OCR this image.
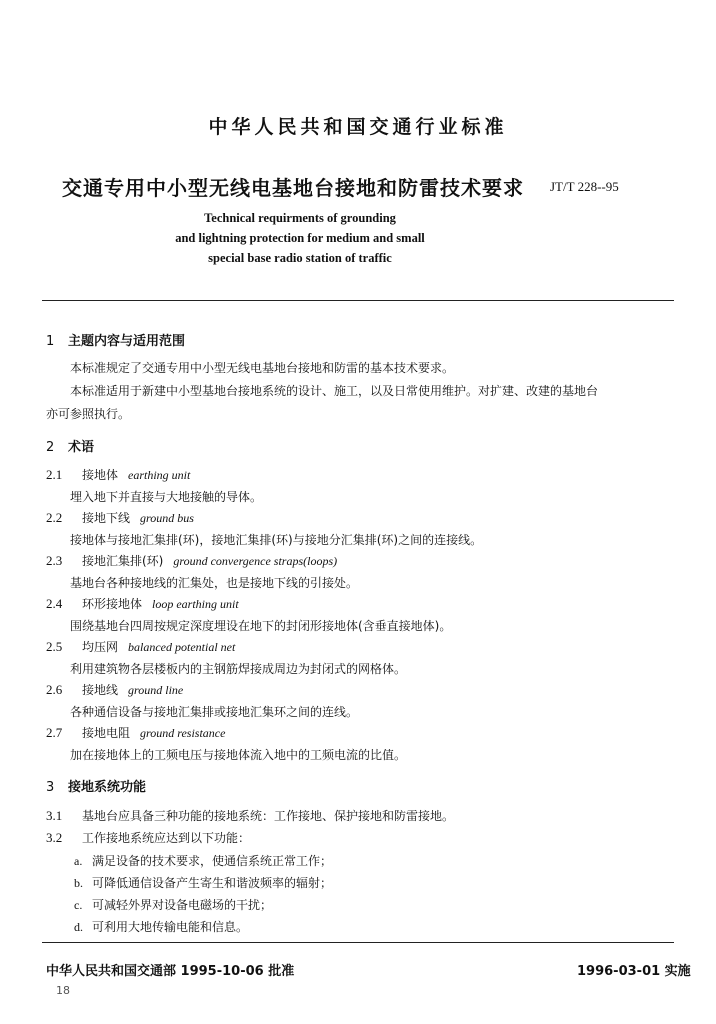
中华人民共和国交通行业标准
交通专用中小型无线电基地台接地和防雷技术要求 JT/T 228--95
Technical requirments of grounding
and lightning protection for medium and small
special base radio station of traffic
1 主题内容与适用范围
本标准规定了交通专用中小型无线电基地台接地和防雷的基本技术要求。
本标准适用于新建中小型基地台接地系统的设计、施工，以及日常使用维护。对扩建、改建的基地台
亦可参照执行。
2 术语
2.1 接地体 earthing unit
埋入地下并直接与大地接触的导体。
2.2 接地下线 ground bus
接地体与接地汇集排(环)，接地汇集排(环)与接地分汇集排(环)之间的连接线。
2.3 接地汇集排(环) ground convergence straps(loops)
基地台各种接地线的汇集处，也是接地下线的引接处。
2.4 环形接地体 loop earthing unit
围绕基地台四周按规定深度埋设在地下的封闭形接地体(含垂直接地体)。
2.5 均压网 balanced potential net
利用建筑物各层楼板内的主钢筋焊接成周边为封闭式的网格体。
2.6 接地线 ground line
各种通信设备与接地汇集排或接地汇集环之间的连线。
2.7 接地电阻 ground resistance
加在接地体上的工频电压与接地体流入地中的工频电流的比值。
3 接地系统功能
3.1 基地台应具备三种功能的接地系统：工作接地、保护接地和防雷接地。
3.2 工作接地系统应达到以下功能：
a. 满足设备的技术要求，使通信系统正常工作；
b. 可降低通信设备产生寄生和谐波频率的辐射；
c. 可减轻外界对设备电磁场的干扰；
d. 可利用大地传输电能和信息。
中华人民共和国交通部 1995-10-06 批准	1996-03-01 实施
18
